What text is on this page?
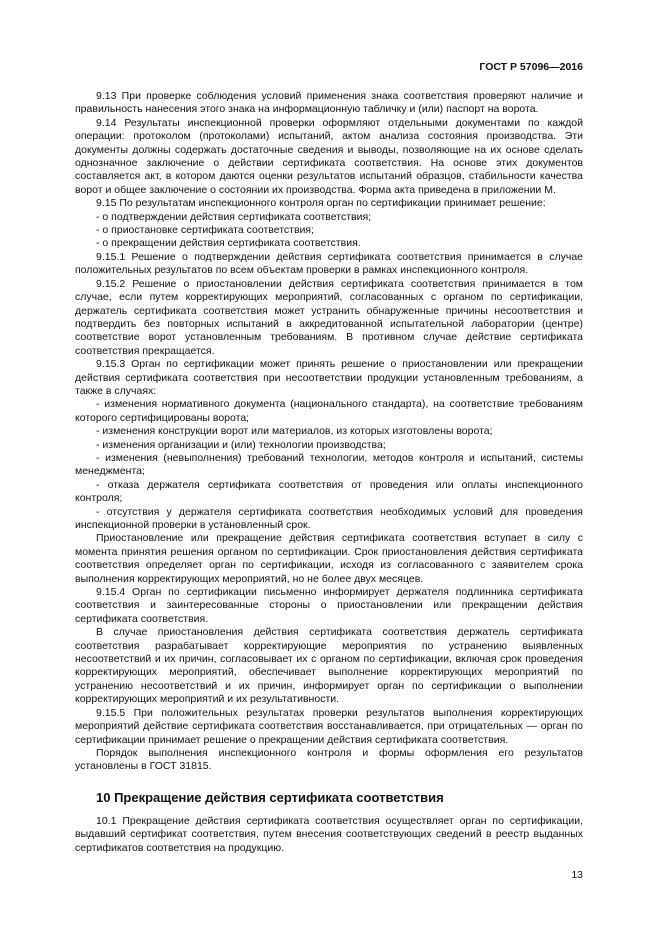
ГОСТ Р 57096—2016

9.13 При проверке соблюдения условий применения знака соответствия проверяют наличие и правильность нанесения этого знака на информационную табличку и (или) паспорт на ворота.

9.14 Результаты инспекционной проверки оформляют отдельными документами по каждой операции: протоколом (протоколами) испытаний, актом анализа состояния производства. Эти документы должны содержать достаточные сведения и выводы, позволяющие на их основе сделать однозначное заключение о действии сертификата соответствия. На основе этих документов составляется акт, в котором даются оценки результатов испытаний образцов, стабильности качества ворот и общее заключение о состоянии их производства. Форма акта приведена в приложении М.

9.15 По результатам инспекционного контроля орган по сертификации принимает решение:

- о подтверждении действия сертификата соответствия;

- о приостановке сертификата соответствия;

- о прекращении действия сертификата соответствия.

9.15.1 Решение о подтверждении действия сертификата соответствия принимается в случае положительных результатов по всем объектам проверки в рамках инспекционного контроля.

9.15.2 Решение о приостановлении действия сертификата соответствия принимается в том случае, если путем корректирующих мероприятий, согласованных с органом по сертификации, держатель сертификата соответствия может устранить обнаруженные причины несоответствия и подтвердить без повторных испытаний в аккредитованной испытательной лаборатории (центре) соответствие ворот установленным требованиям. В противном случае действие сертификата соответствия прекращается.

9.15.3 Орган по сертификации может принять решение о приостановлении или прекращении действия сертификата соответствия при несоответствии продукции установленным требованиям, а также в случаях:

- изменения нормативного документа (национального стандарта), на соответствие требованиям которого сертифицированы ворота;

- изменения конструкции ворот или материалов, из которых изготовлены ворота;

- изменения организации и (или) технологии производства;

- изменения (невыполнения) требований технологии, методов контроля и испытаний, системы менеджмента;

- отказа держателя сертификата соответствия от проведения или оплаты инспекционного контроля;

- отсутствия у держателя сертификата соответствия необходимых условий для проведения инспекционной проверки в установленный срок.

Приостановление или прекращение действия сертификата соответствия вступает в силу с момента принятия решения органом по сертификации. Срок приостановления действия сертификата соответствия определяет орган по сертификации, исходя из согласованного с заявителем срока выполнения корректирующих мероприятий, но не более двух месяцев.

9.15.4 Орган по сертификации письменно информирует держателя подлинника сертификата соответствия и заинтересованные стороны о приостановлении или прекращении действия сертификата соответствия.

В случае приостановления действия сертификата соответствия держатель сертификата соответствия разрабатывает корректирующие мероприятия по устранению выявленных несоответствий и их причин, согласовывает их с органом по сертификации, включая срок проведения корректирующих мероприятий, обеспечивает выполнение корректирующих мероприятий по устранению несоответствий и их причин, информирует орган по сертификации о выполнении корректирующих мероприятий и их результативности.

9.15.5 При положительных результатах проверки результатов выполнения корректирующих мероприятий действие сертификата соответствия восстанавливается, при отрицательных — орган по сертификации принимает решение о прекращении действия сертификата соответствия.

Порядок выполнения инспекционного контроля и формы оформления его результатов установлены в ГОСТ 31815.

10 Прекращение действия сертификата соответствия

10.1 Прекращение действия сертификата соответствия осуществляет орган по сертификации, выдавший сертификат соответствия, путем внесения соответствующих сведений в реестр выданных сертификатов соответствия на продукцию.

13
